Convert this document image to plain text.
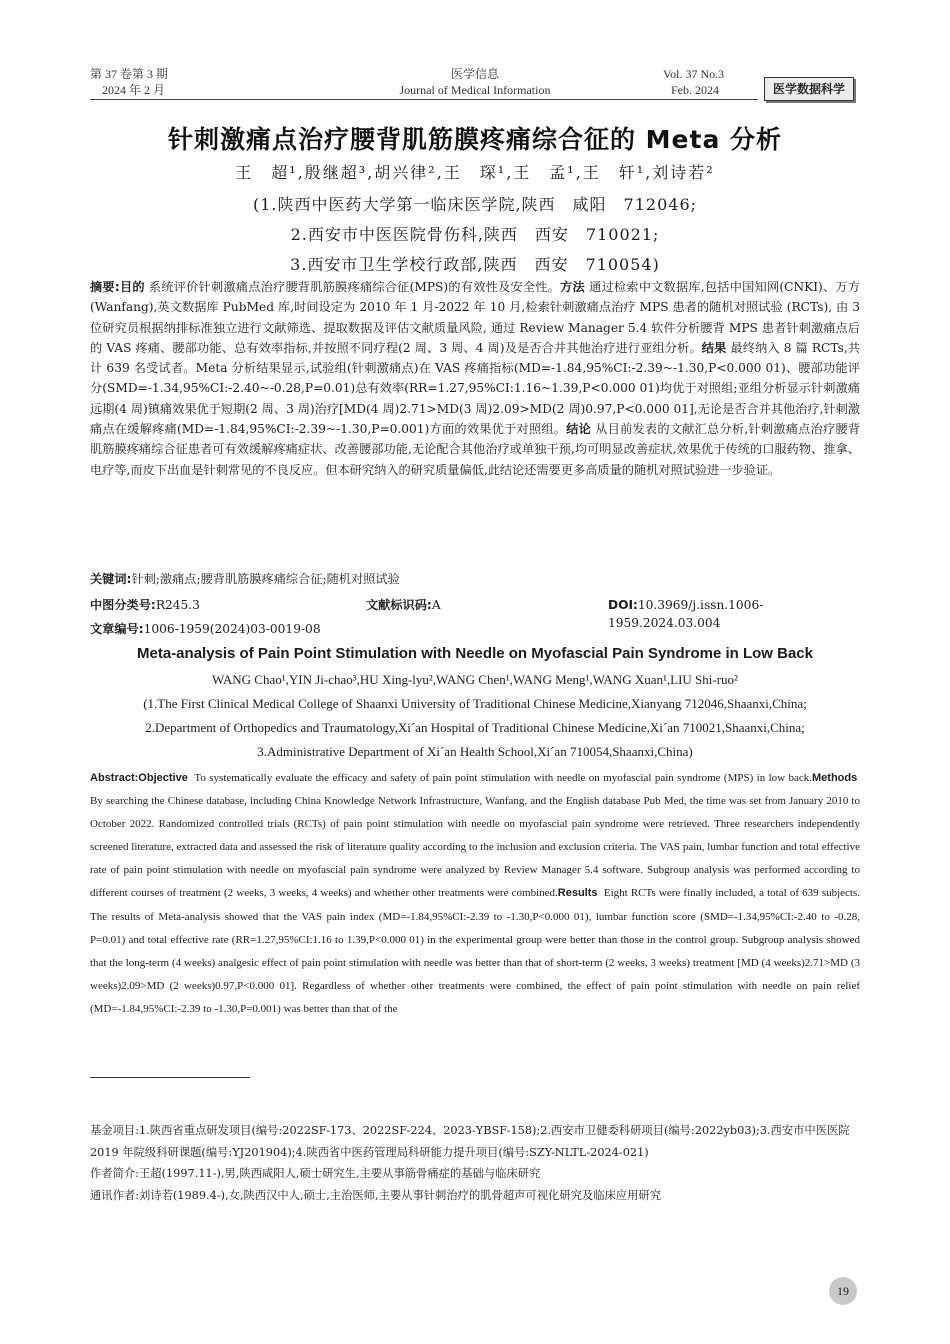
第 37 卷第 3 期
2024 年 2 月
医学信息
Journal of Medical Information
Vol. 37 No.3
Feb. 2024	医学数据科学
针刺激痛点治疗腰背肌筋膜疼痛综合征的 Meta 分析
王　超¹,殷继超³,胡兴律²,王　琛¹,王　孟¹,王　轩¹,刘诗若²
(1.陕西中医药大学第一临床医学院,陕西　咸阳　712046;
2.西安市中医医院骨伤科,陕西　西安　710021;
3.西安市卫生学校行政部,陕西　西安　710054)
摘要:目的 系统评价针刺激痛点治疗腰背肌筋膜疼痛综合征(MPS)的有效性及安全性。方法 通过检索中文数据库,包括中国知网(CNKI)、万方(Wanfang),英文数据库 PubMed 库,时间设定为 2010 年 1 月-2022 年 10 月,检索针刺激痛点治疗 MPS 患者的随机对照试验 (RCTs), 由 3 位研究员根据纳排标准独立进行文献筛选、提取数据及评估文献质量风险, 通过 Review Manager 5.4 软件分析腰背 MPS 患者针刺激痛点后的 VAS 疼痛、腰部功能、总有效率指标,并按照不同疗程(2 周、3 周、4 周)及是否合并其他治疗进行亚组分析。结果 最终纳入 8 篇 RCTs,共计 639 名受试者。Meta 分析结果显示,试验组(针刺激痛点)在 VAS 疼痛指标(MD=-1.84,95%CI:-2.39~-1.30,P<0.000 01)、腰部功能评分(SMD=-1.34,95%CI:-2.40~-0.28,P=0.01)总有效率(RR=1.27,95%CI:1.16~1.39,P<0.000 01)均优于对照组;亚组分析显示针刺激痛远期(4 周)镇痛效果优于短期(2 周、3 周)治疗[MD(4 周)2.71>MD(3 周)2.09>MD(2 周)0.97,P<0.000 01],无论是否合并其他治疗,针刺激痛点在缓解疼痛(MD=-1.84,95%CI:-2.39~-1.30,P=0.001)方面的效果优于对照组。结论 从目前发表的文献汇总分析,针刺激痛点治疗腰背肌筋膜疼痛综合征患者可有效缓解疼痛症状、改善腰部功能,无论配合其他治疗或单独干预,均可明显改善症状,效果优于传统的口服药物、推拿、电疗等,而皮下出血是针刺常见的不良反应。但本研究纳入的研究质量偏低,此结论还需要更多高质量的随机对照试验进一步验证。
关键词:针刺;激痛点;腰背肌筋膜疼痛综合征;随机对照试验
中图分类号:R245.3	文献标识码:A	DOI:10.3969/j.issn.1006-1959.2024.03.004
文章编号:1006-1959(2024)03-0019-08
Meta-analysis of Pain Point Stimulation with Needle on Myofascial Pain Syndrome in Low Back
WANG Chao¹,YIN Ji-chao³,HU Xing-lyu²,WANG Chen¹,WANG Meng¹,WANG Xuan¹,LIU Shi-ruo²
(1.The First Clinical Medical College of Shaanxi University of Traditional Chinese Medicine,Xianyang 712046,Shaanxi,China;
2.Department of Orthopedics and Traumatology,Xi´an Hospital of Traditional Chinese Medicine,Xi´an 710021,Shaanxi,China;
3.Administrative Department of Xi´an Health School,Xi´an 710054,Shaanxi,China)
Abstract:Objective To systematically evaluate the efficacy and safety of pain point stimulation with needle on myofascial pain syndrome (MPS) in low back.Methods  By searching the Chinese database, including China Knowledge Network Infrastructure, Wanfang, and the English database Pub Med, the time was set from January 2010 to October 2022. Randomized controlled trials (RCTs) of pain point stimulation with needle on myofascial pain syndrome were retrieved. Three researchers independently screened literature, extracted data and assessed the risk of literature quality according to the inclusion and exclusion criteria. The VAS pain, lumbar function and total effective rate of pain point stimulation with needle on myofascial pain syndrome were analyzed by Review Manager 5.4 software. Subgroup analysis was performed according to different courses of treatment (2 weeks, 3 weeks, 4 weeks) and whether other treatments were combined.Results Eight RCTs were finally included, a total of 639 subjects. The results of Meta-analysis showed that the VAS pain index (MD=-1.84,95%CI:-2.39 to -1.30,P<0.000 01), lumbar function score (SMD=-1.34,95%CI:-2.40 to -0.28, P=0.01) and total effective rate (RR=1.27,95%CI:1.16 to 1.39,P<0.000 01) in the experimental group were better than those in the control group. Subgroup analysis showed that the long-term (4 weeks) analgesic effect of pain point stimulation with needle was better than that of short-term (2 weeks, 3 weeks) treatment [MD (4 weeks)2.71>MD (3 weeks)2.09>MD (2 weeks)0.97,P<0.000 01]. Regardless of whether other treatments were combined, the effect of pain point stimulation with needle on pain relief (MD=-1.84,95%CI:-2.39 to -1.30,P=0.001) was better than that of the
基金项目:1.陕西省重点研发项目(编号:2022SF-173、2022SF-224、2023-YBSF-158);2.西安市卫健委科研项目(编号:2022yb03);3.西安市中医医院 2019 年院级科研课题(编号:YJ201904);4.陕西省中医药管理局科研能力提升项目(编号:SZY-NLTL-2024-021)
作者简介:王超(1997.11-),男,陕西咸阳人,硕士研究生,主要从事筋骨痛症的基础与临床研究
通讯作者:刘诗若(1989.4-),女,陕西汉中人,硕士,主治医师,主要从事针刺治疗的肌骨超声可视化研究及临床应用研究
19
